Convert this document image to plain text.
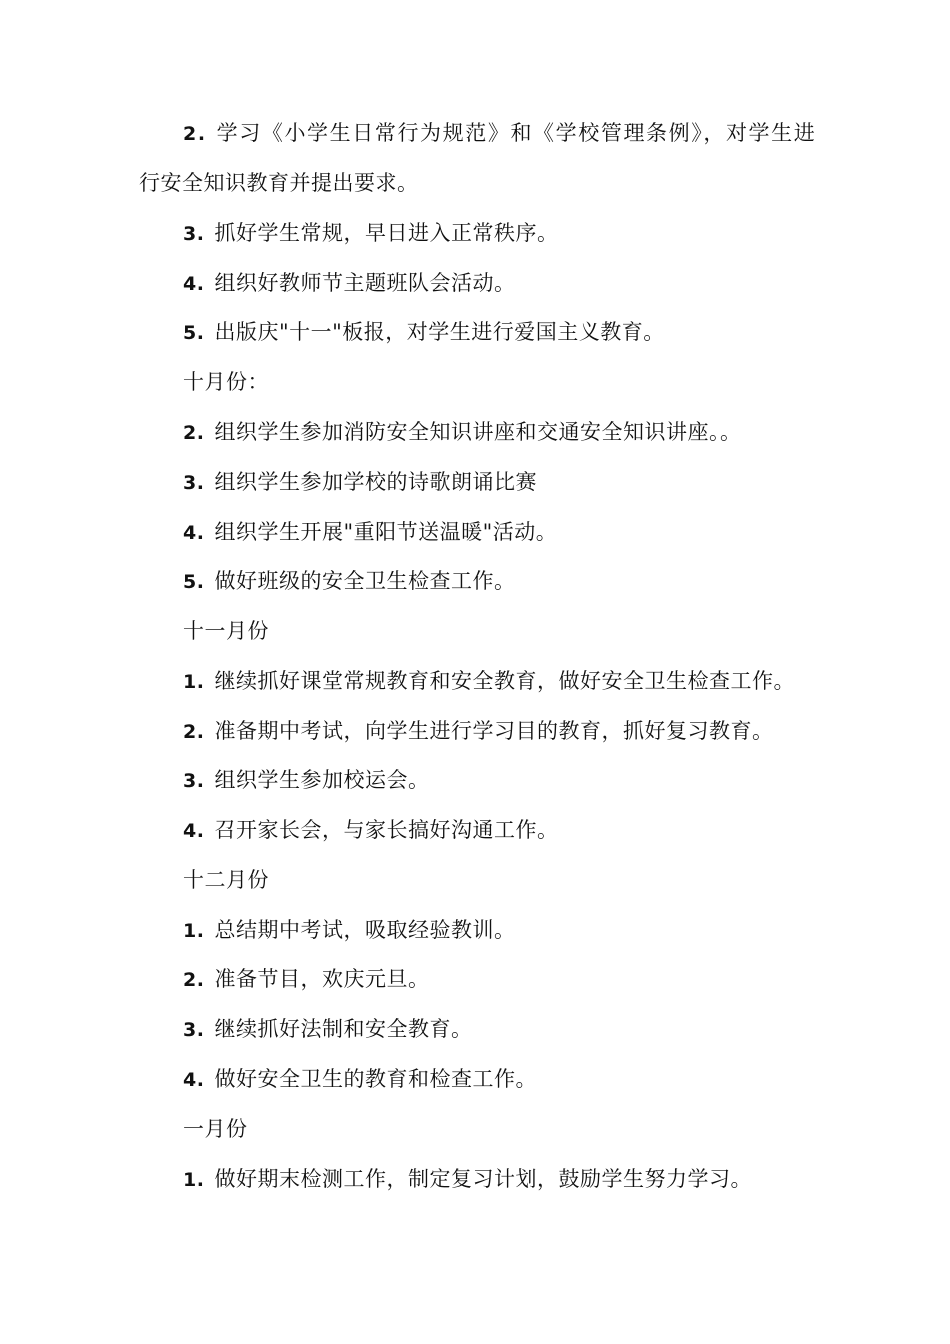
2. 学习《小学生日常行为规范》和《学校管理条例》，对学生进
行安全知识教育并提出要求。
3. 抓好学生常规，早日进入正常秩序。
4. 组织好教师节主题班队会活动。
5. 出版庆"十一"板报，对学生进行爱国主义教育。
十月份：
2. 组织学生参加消防安全知识讲座和交通安全知识讲座。。
3. 组织学生参加学校的诗歌朗诵比赛
4. 组织学生开展"重阳节送温暖"活动。
5. 做好班级的安全卫生检查工作。
十一月份
1. 继续抓好课堂常规教育和安全教育，做好安全卫生检查工作。
2. 准备期中考试，向学生进行学习目的教育，抓好复习教育。
3. 组织学生参加校运会。
4. 召开家长会，与家长搞好沟通工作。
十二月份
1. 总结期中考试，吸取经验教训。
2. 准备节目，欢庆元旦。
3. 继续抓好法制和安全教育。
4. 做好安全卫生的教育和检查工作。
一月份
1. 做好期末检测工作，制定复习计划，鼓励学生努力学习。
